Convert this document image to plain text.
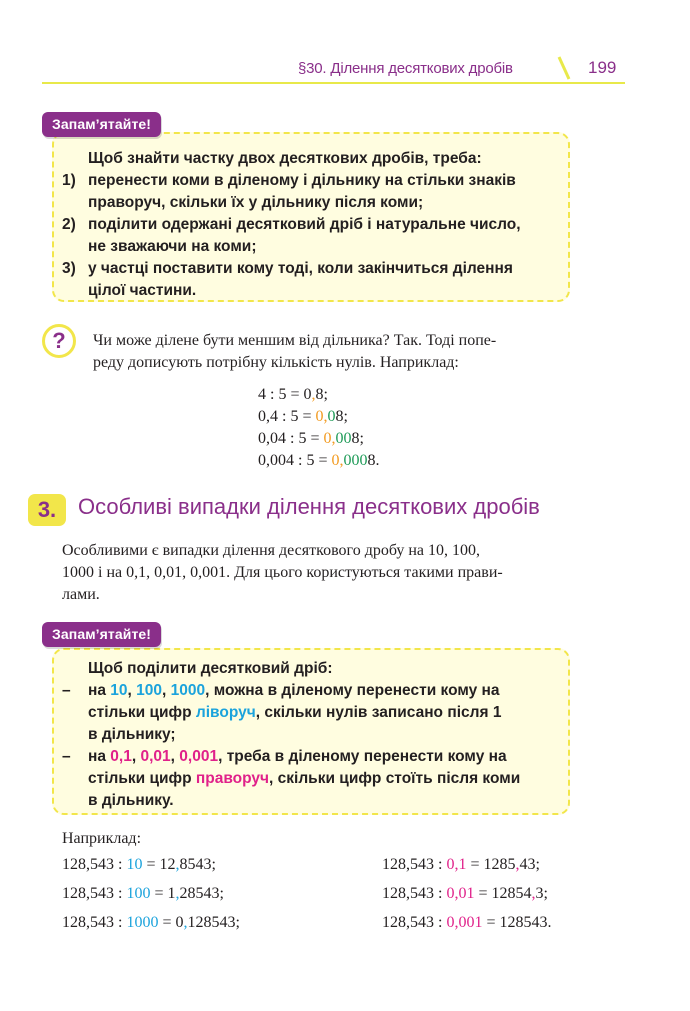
§30. Ділення десяткових дробів	199
Запам’ятайте!
Щоб знайти частку двох десяткових дробів, треба:
1) перенести коми в діленому і дільнику на стільки знаків
праворуч, скільки їх у дільнику після коми;
2) поділити одержані десятковий дріб і натуральне число,
не зважаючи на коми;
3) у частці поставити кому тоді, коли закінчиться ділення
цілої частини.
?	Чи може ділене бути меншим від дільника? Так. Тоді попе-
реду дописують потрібну кількість нулів. Наприклад:
4 : 5 = 0,8;
0,4 : 5 = 0,08;
0,04 : 5 = 0,008;
0,004 : 5 = 0,0008.
3. Особливі випадки ділення десяткових дробів
Особливими є випадки ділення десяткового дробу на 10, 100,
1000 і на 0,1, 0,01, 0,001. Для цього користуються такими прави-
лами.
Запам’ятайте!
Щоб поділити десятковий дріб:
– на 10, 100, 1000, можна в діленому перенести кому на
стільки цифр ліворуч, скільки нулів записано після 1
в дільнику;
– на 0,1, 0,01, 0,001, треба в діленому перенести кому на
стільки цифр праворуч, скільки цифр стоїть після коми
в дільнику.
Наприклад:
128,543 : 10 = 12,8543;
128,543 : 100 = 1,28543;
128,543 : 1000 = 0,128543;
128,543 : 0,1 = 1285,43;
128,543 : 0,01 = 12854,3;
128,543 : 0,001 = 128543.
